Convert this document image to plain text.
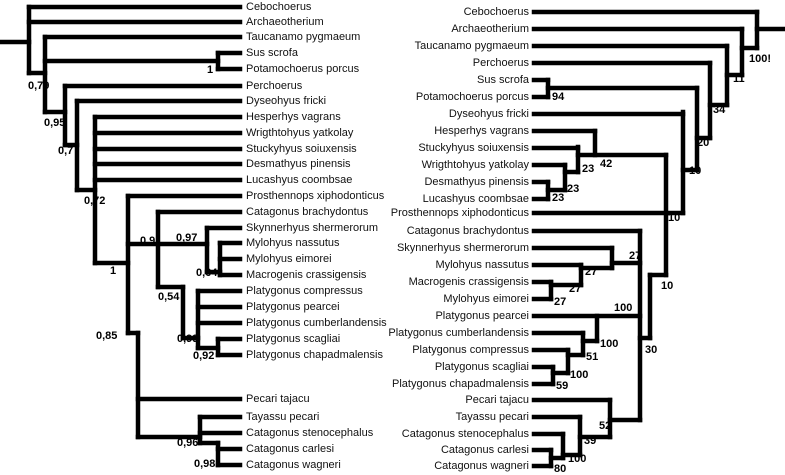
Cebochoerus
Archaeotherium
Taucanamo pygmaeum
Sus scrofa
Potamochoerus porcus
Perchoerus
Dyseohyus fricki
Hesperhys vagrans
Wrigthtohyus yatkolay
Stuckyhyus soiuxensis
Desmathyus pinensis
Lucashyus coombsae
Prosthennops xiphodonticus
Catagonus brachydontus
Skynnerhyus shermerorum
Mylohyus nassutus
Mylohyus eimorei
Macrogenis crassigensis
Platygonus compressus
Platygonus pearcei
Platygonus cumberlandensis
Platygonus scagliai
Platygonus chapadmalensis
Pecari tajacu
Tayassu pecari
Catagonus stenocephalus
Catagonus carlesi
Catagonus wagneri
0,79
1
0,95
0,7
0,72
1
0,91 0,97
0,64
0,54
0,85	0,99
0,92
0,96
0,98
Cebochoerus
Archaeotherium
Taucanamo pygmaeum
Perchoerus
Sus scrofa
Potamochoerus porcus
Dyseohyus fricki
Hesperhys vagrans
Stuckyhyus soiuxensis
Wrigthtohyus yatkolay
Desmathyus pinensis
Lucashyus coombsae
Prosthennops xiphodonticus
Catagonus brachydontus
Skynnerhyus shermerorum
Mylohyus nassutus
Macrogenis crassigensis
Mylohyus eimorei
Platygonus pearcei
Platygonus cumberlandensis
Platygonus compressus
Platygonus scagliai
Platygonus chapadmalensis
Pecari tajacu
Tayassu pecari
Catagonus stenocephalus
Catagonus carlesi
Catagonus wagneri
100!
11
34
20
94
10
10
42
23
23
23
10
27
100
30
27
27
27
100
51
100
59
52
39
100
80
